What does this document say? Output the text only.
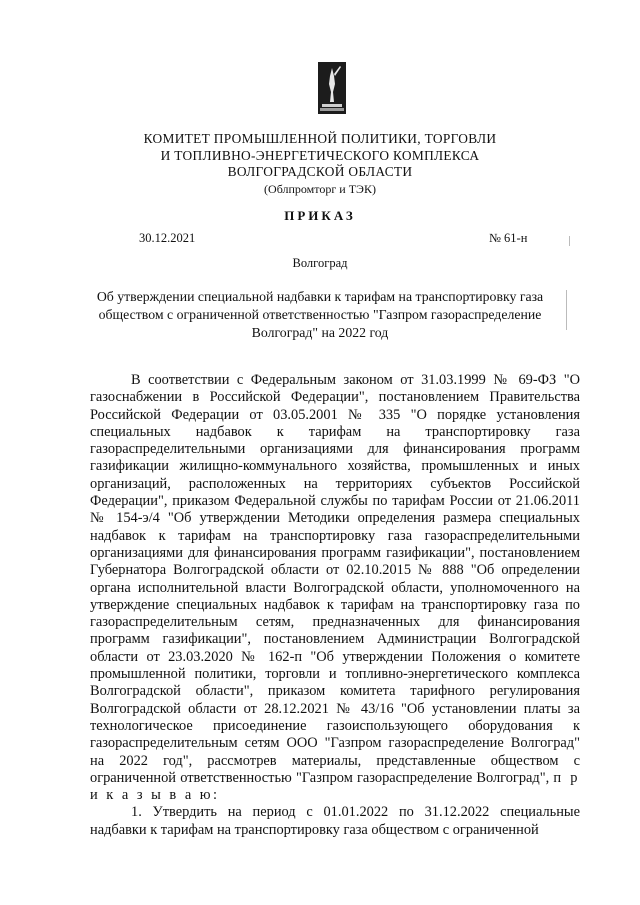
КОМИТЕТ ПРОМЫШЛЕННОЙ ПОЛИТИКИ, ТОРГОВЛИ
И ТОПЛИВНО-ЭНЕРГЕТИЧЕСКОГО КОМПЛЕКСА
ВОЛГОГРАДСКОЙ ОБЛАСТИ
(Облпромторг и ТЭК)
ПРИКАЗ
30.12.2021	№ 61-н
Волгоград
Об утверждении специальной надбавки к тарифам на транспортировку газа обществом с ограниченной ответственностью "Газпром газораспределение Волгоград" на 2022 год

В соответствии с Федеральным законом от 31.03.1999 № 69-ФЗ "О газоснабжении в Российской Федерации", постановлением Правительства Российской Федерации от 03.05.2001 № 335 "О порядке установления специальных надбавок к тарифам на транспортировку газа газораспределительными организациями для финансирования программ газификации жилищно-коммунального хозяйства, промышленных и иных организаций, расположенных на территориях субъектов Российской Федерации", приказом Федеральной службы по тарифам России от 21.06.2011 № 154-э/4 "Об утверждении Методики определения размера специальных надбавок к тарифам на транспортировку газа газораспределительными организациями для финансирования программ газификации", постановлением Губернатора Волгоградской области от 02.10.2015 № 888 "Об определении органа исполнительной власти Волгоградской области, уполномоченного на утверждение специальных надбавок к тарифам на транспортировку газа по газораспределительным сетям, предназначенных для финансирования программ газификации", постановлением Администрации Волгоградской области от 23.03.2020 № 162-п "Об утверждении Положения о комитете промышленной политики, торговли и топливно-энергетического комплекса Волгоградской области", приказом комитета тарифного регулирования Волгоградской области от 28.12.2021 № 43/16 "Об установлении платы за технологическое присоединение газоиспользующего оборудования к газораспределительным сетям ООО "Газпром газораспределение Волгоград" на 2022 год", рассмотрев материалы, представленные обществом с ограниченной ответственностью "Газпром газораспределение Волгоград", п р и к а з ы в а ю:

1. Утвердить на период с 01.01.2022 по 31.12.2022 специальные надбавки к тарифам на транспортировку газа обществом с ограниченной
